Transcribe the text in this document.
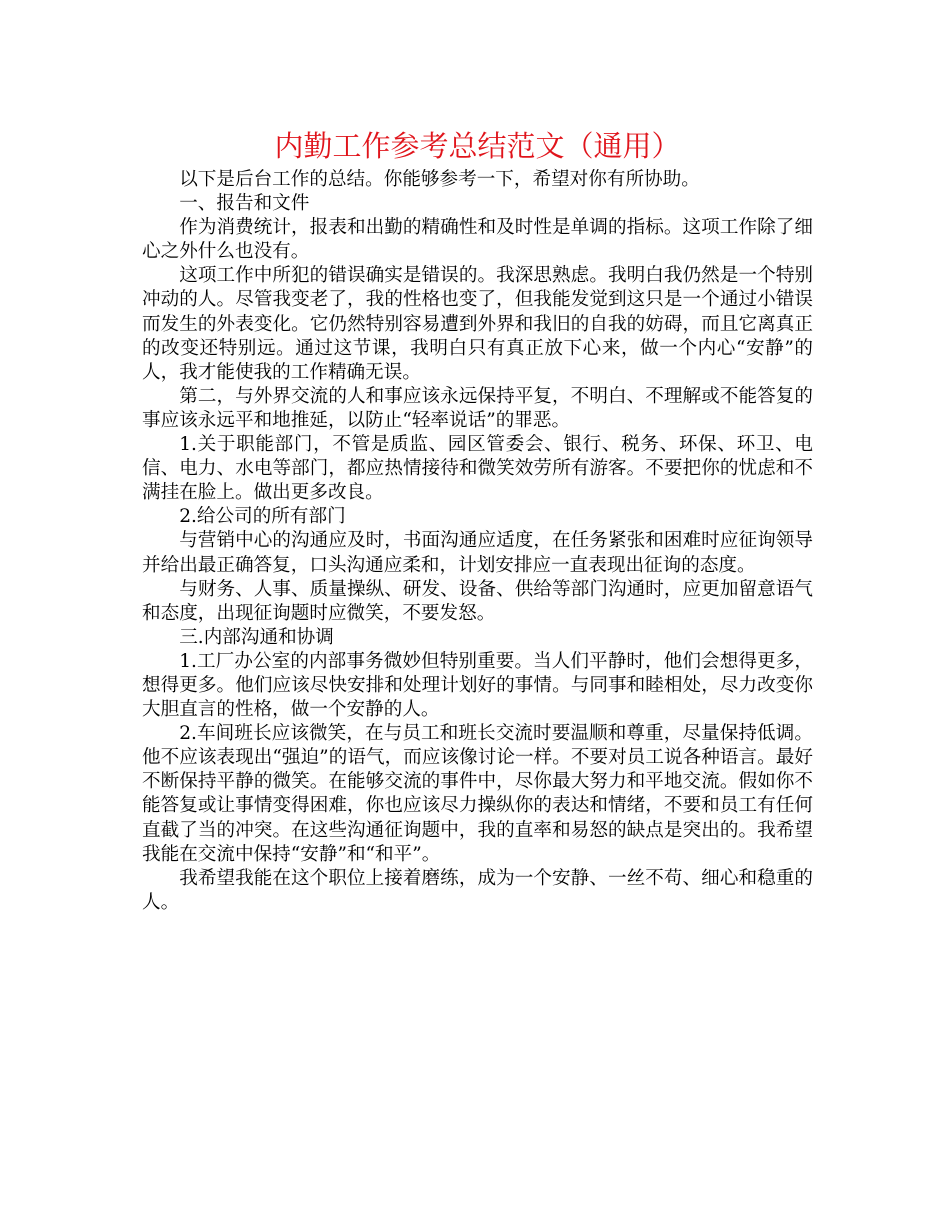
内勤工作参考总结范文（通用）

以下是后台工作的总结。你能够参考一下，希望对你有所协助。

一、报告和文件

作为消费统计，报表和出勤的精确性和及时性是单调的指标。这项工作除了细心之外什么也没有。

这项工作中所犯的错误确实是错误的。我深思熟虑。我明白我仍然是一个特别冲动的人。尽管我变老了，我的性格也变了，但我能发觉到这只是一个通过小错误而发生的外表变化。它仍然特别容易遭到外界和我旧的自我的妨碍，而且它离真正的改变还特别远。通过这节课，我明白只有真正放下心来，做一个内心“安静”的人，我才能使我的工作精确无误。

第二，与外界交流的人和事应该永远保持平复，不明白、不理解或不能答复的事应该永远平和地推延，以防止“轻率说话”的罪恶。

1.关于职能部门，不管是质监、园区管委会、银行、税务、环保、环卫、电信、电力、水电等部门，都应热情接待和微笑效劳所有游客。不要把你的忧虑和不满挂在脸上。做出更多改良。

2.给公司的所有部门

与营销中心的沟通应及时，书面沟通应适度，在任务紧张和困难时应征询领导并给出最正确答复，口头沟通应柔和，计划安排应一直表现出征询的态度。

与财务、人事、质量操纵、研发、设备、供给等部门沟通时，应更加留意语气和态度，出现征询题时应微笑，不要发怒。

三.内部沟通和协调

1.工厂办公室的内部事务微妙但特别重要。当人们平静时，他们会想得更多，想得更多。他们应该尽快安排和处理计划好的事情。与同事和睦相处，尽力改变你大胆直言的性格，做一个安静的人。

2.车间班长应该微笑，在与员工和班长交流时要温顺和尊重，尽量保持低调。他不应该表现出“强迫”的语气，而应该像讨论一样。不要对员工说各种语言。最好不断保持平静的微笑。在能够交流的事件中，尽你最大努力和平地交流。假如你不能答复或让事情变得困难，你也应该尽力操纵你的表达和情绪，不要和员工有任何直截了当的冲突。在这些沟通征询题中，我的直率和易怒的缺点是突出的。我希望我能在交流中保持“安静”和“和平”。

我希望我能在这个职位上接着磨练，成为一个安静、一丝不苟、细心和稳重的人。
